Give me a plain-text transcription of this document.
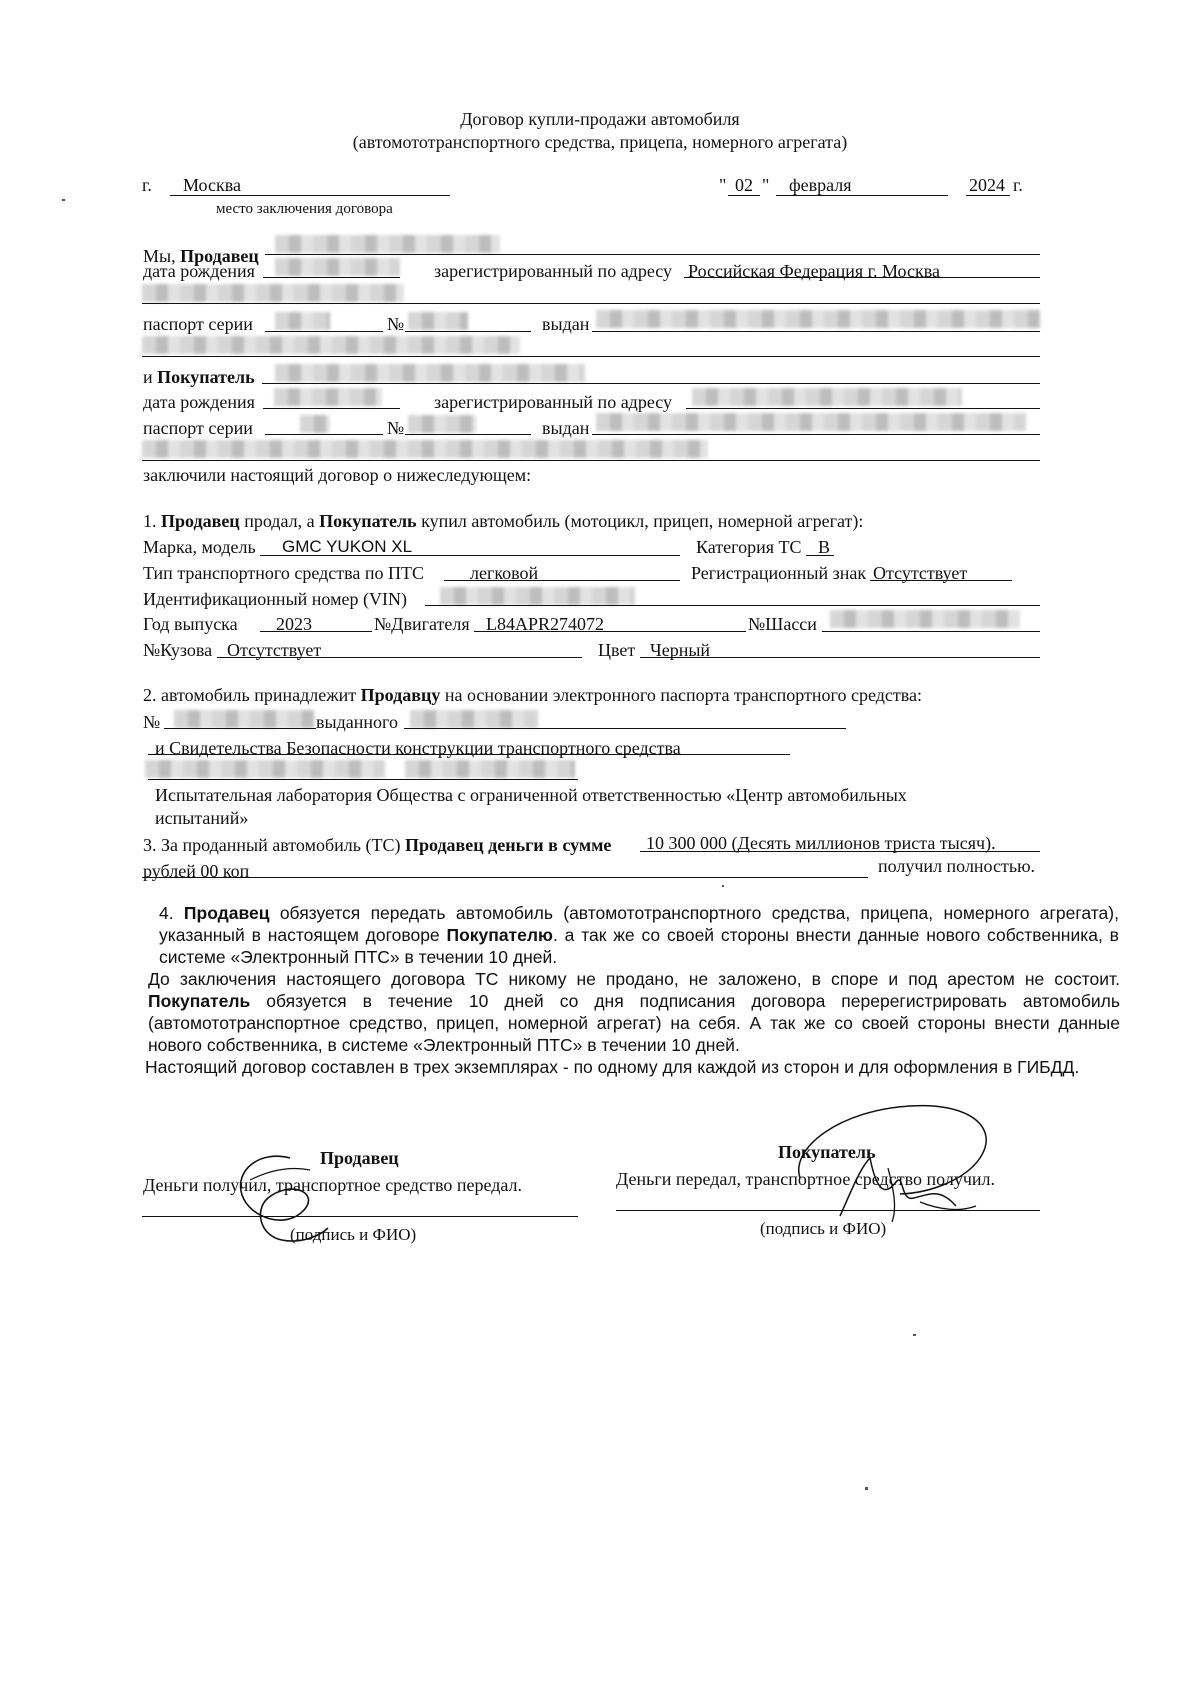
Договор купли-продажи автомобиля
(автомототранспортного средства, прицепа, номерного агрегата)
г. Москва
место заключения договора
" 02 " февраля	2024 г.
Мы, Продавец
дата рождения	зарегистрированный по адресу Российская Федерация г. Москва
паспорт серии	№	выдан
и Покупатель
дата рождения	зарегистрированный по адресу
паспорт серии	№	выдан
заключили настоящий договор о нижеследующем:
1. Продавец продал, а Покупатель купил автомобиль (мотоцикл, прицеп, номерной агрегат):
Марка, модель GMC YUKON XL	Категория ТС B
Тип транспортного средства по ПТС	легковой	Регистрационный знак Отсутствует
Идентификационный номер (VIN)
Год выпуска 2023	№Двигателя L84APR274072	№Шасси
№Кузова Отсутствует	Цвет Черный
2. автомобиль принадлежит Продавцу на основании электронного паспорта транспортного средства:
№	выданного
и Свидетельства Безопасности конструкции транспортного средства
Испытательная лаборатория Общества с ограниченной ответственностью «Центр автомобильных
испытаний»
3. За проданный автомобиль (ТС) Продавец деньги в сумме 10 300 000 (Десять миллионов триста тысяч).
рублей 00 коп	получил полностью.

4. Продавец обязуется передать автомобиль (автомототранспортного средства, прицепа, номерного агрегата), указанный в настоящем договоре Покупателю. а так же со своей стороны внести данные нового собственника, в системе «Электронный ПТС» в течении 10 дней.

До заключения настоящего договора ТС никому не продано, не заложено, в споре и под арестом не состоит. Покупатель обязуется в течение 10 дней со дня подписания договора перерегистрировать автомобиль (автомототранспортное средство, прицеп, номерной агрегат) на себя. А так же со своей стороны внести данные нового собственника, в системе «Электронный ПТС» в течении 10 дней.

Настоящий договор составлен в трех экземплярах - по одному для каждой из сторон и для оформления в ГИБДД.

Продавец
Деньги получил, транспортное средство передал.
(подпись и ФИО)
Покупатель
Деньги передал, транспортное средство получил.
(подпись и ФИО)
